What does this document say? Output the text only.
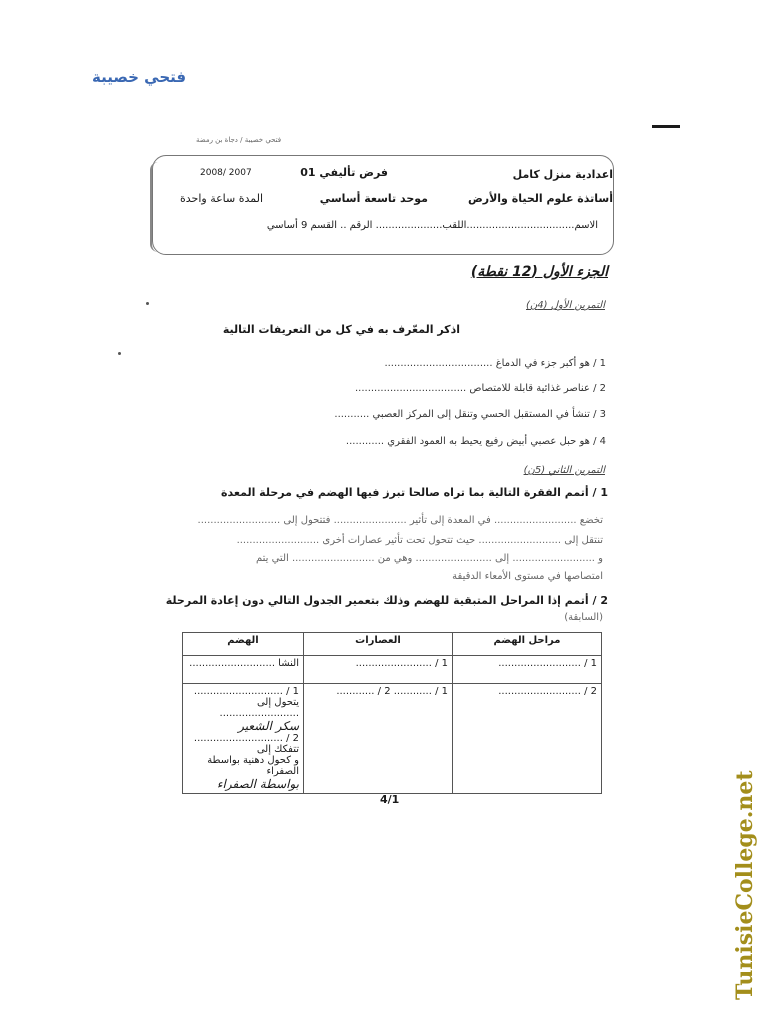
فتحي خصيبة
فتحي خصيبة / دجاة بن رمضة
اعدادية منزل كامل
فرض تأليفي 01
2008/ 2007
أساتذة علوم الحياة والأرض
موحد تاسعة أساسي
المدة ساعة واحدة
الاسم..................................اللقب..................... الرقم .. القسم 9 أساسي
الجزء الأول (12 نقطة)
التمرين الأول (4ن)
اذكر المعّرف به في كل من التعريفات التالية
1 / هو أكبر جزء في الدماغ ..................................
2 / عناصر غذائية قابلة للامتصاص ...................................
3 / تنشأ في المستقبل الحسي وتنقل إلى المركز العصبي ...........
4 / هو حبل عصبي أبيض رفيع يحيط به العمود الفقري ............
التمرين الثاني (5ن)
1 / أتمم الفقرة التالية بما تراه صالحا تبرز فيها الهضم في مرحلة المعدة
تخضع .......................... في المعدة إلى تأثير ....................... فتتحول إلى ..........................
تنتقل إلى .......................... حيث تتحول تحت تأثير عصارات أخرى ..........................
و .......................... إلى ........................ وهي من .......................... التي يتم
امتصاصها في مستوى الأمعاء الدقيقة
2 / أتمم إذا المراحل المتبقية للهضم وذلك بتعمير الجدول التالي دون إعادة المرحلة
(السابقة)
مراحل الهضم	العصارات	الهضم
1 / ..........................	1 / ........................	النشا ...........................
2 / ..........................	1 / ............ 2 / ............	1 / ............................ يتحول إلى .........................
سكر الشعير
2 / ............................ تتفكك إلى
و كحول دهنية بواسطة الصفراء
بواسطة الصفراء
4/1	TunisieCollege.net
